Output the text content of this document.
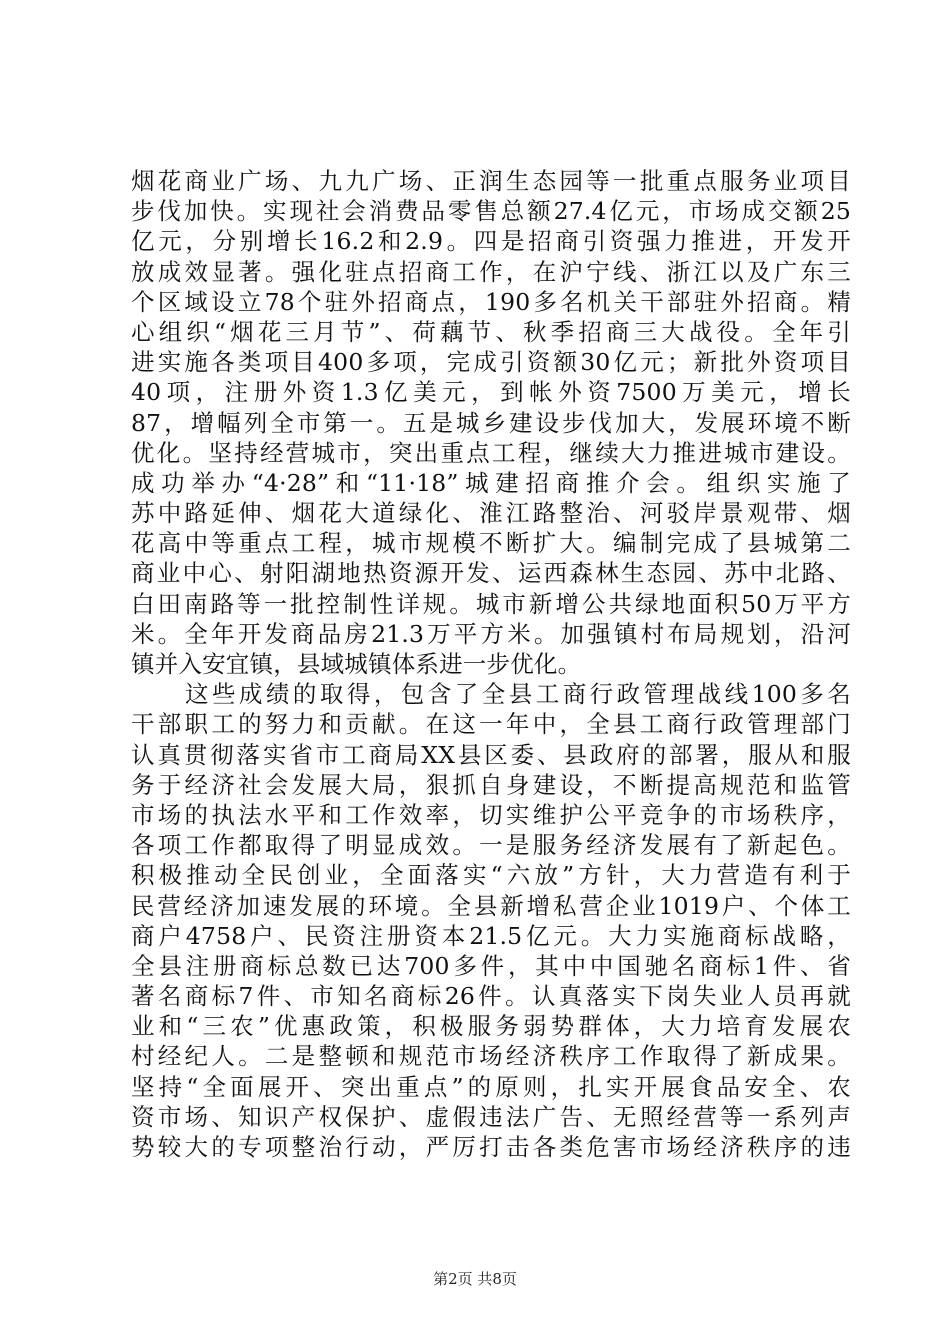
烟花商业广场、九九广场、正润生态园等一批重点服务业项目
步伐加快。实现社会消费品零售总额27.4亿元，市场成交额25
亿元，分别增长16.2和2.9。四是招商引资强力推进，开发开
放成效显著。强化驻点招商工作，在沪宁线、浙江以及广东三
个区域设立78个驻外招商点，190多名机关干部驻外招商。精
心组织“烟花三月节”、荷藕节、秋季招商三大战役。全年引
进实施各类项目400多项，完成引资额30亿元；新批外资项目
40项，注册外资1.3亿美元，到帐外资7500万美元，增长
87，增幅列全市第一。五是城乡建设步伐加大，发展环境不断
优化。坚持经营城市，突出重点工程，继续大力推进城市建设。
成功举办“4·28”和“11·18”城建招商推介会。组织实施了
苏中路延伸、烟花大道绿化、淮江路整治、河驳岸景观带、烟
花高中等重点工程，城市规模不断扩大。编制完成了县城第二
商业中心、射阳湖地热资源开发、运西森林生态园、苏中北路、
白田南路等一批控制性详规。城市新增公共绿地面积50万平方
米。全年开发商品房21.3万平方米。加强镇村布局规划，沿河
镇并入安宜镇，县域城镇体系进一步优化。
　　这些成绩的取得，包含了全县工商行政管理战线100多名
干部职工的努力和贡献。在这一年中，全县工商行政管理部门
认真贯彻落实省市工商局XX县区委、县政府的部署，服从和服
务于经济社会发展大局，狠抓自身建设，不断提高规范和监管
市场的执法水平和工作效率，切实维护公平竞争的市场秩序，
各项工作都取得了明显成效。一是服务经济发展有了新起色。
积极推动全民创业，全面落实“六放”方针，大力营造有利于
民营经济加速发展的环境。全县新增私营企业1019户、个体工
商户4758户、民资注册资本21.5亿元。大力实施商标战略，
全县注册商标总数已达700多件，其中中国驰名商标1件、省
著名商标7件、市知名商标26件。认真落实下岗失业人员再就
业和“三农”优惠政策，积极服务弱势群体，大力培育发展农
村经纪人。二是整顿和规范市场经济秩序工作取得了新成果。
坚持“全面展开、突出重点”的原则，扎实开展食品安全、农
资市场、知识产权保护、虚假违法广告、无照经营等一系列声
势较大的专项整治行动，严厉打击各类危害市场经济秩序的违
第2页 共8页
